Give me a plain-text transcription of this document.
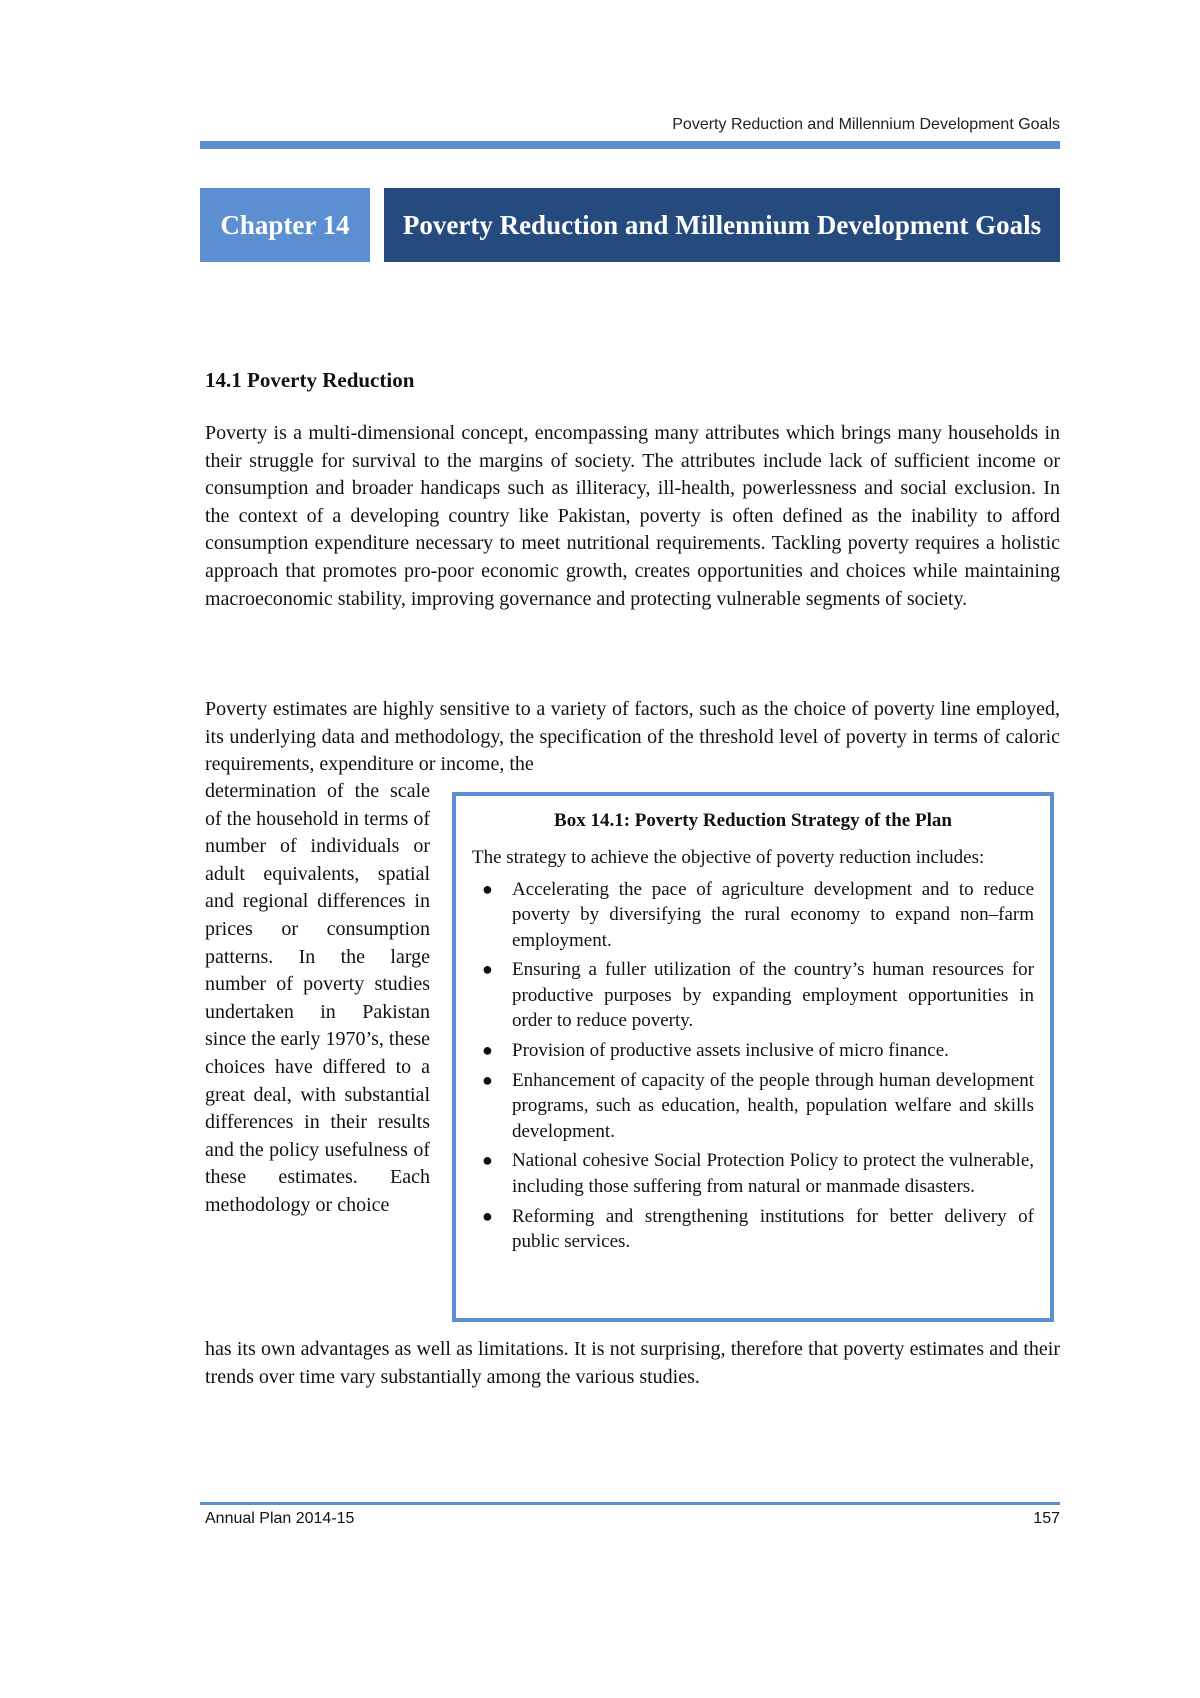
Poverty Reduction and Millennium Development Goals
Chapter 14	Poverty Reduction and Millennium Development Goals
14.1 Poverty Reduction

Poverty is a multi-dimensional concept, encompassing many attributes which brings many households in their struggle for survival to the margins of society. The attributes include lack of sufficient income or consumption and broader handicaps such as illiteracy, ill-health, powerlessness and social exclusion. In the context of a developing country like Pakistan, poverty is often defined as the inability to afford consumption expenditure necessary to meet nutritional requirements. Tackling poverty requires a holistic approach that promotes pro-poor economic growth, creates opportunities and choices while maintaining macroeconomic stability, improving governance and protecting vulnerable segments of society.

Poverty estimates are highly sensitive to a variety of factors, such as the choice of poverty line employed, its underlying data and methodology, the specification of the threshold level of poverty in terms of caloric requirements, expenditure or income, the

determination of the scale of the household in terms of number of individuals or adult equivalents, spatial and regional differences in prices or consumption patterns. In the large number of poverty studies undertaken in Pakistan since the early 1970’s, these choices have differed to a great deal, with substantial differences in their results and the policy usefulness of these estimates. Each methodology or choice

has its own advantages as well as limitations. It is not surprising, therefore that poverty estimates and their trends over time vary substantially among the various studies.

Box 14.1: Poverty Reduction Strategy of the Plan
The strategy to achieve the objective of poverty reduction includes:
● Accelerating the pace of agriculture development and to reduce poverty by diversifying the rural economy to expand non–farm employment.
● Ensuring a fuller utilization of the country’s human resources for productive purposes by expanding employment opportunities in order to reduce poverty.
● Provision of productive assets inclusive of micro finance.
● Enhancement of capacity of the people through human development programs, such as education, health, population welfare and skills development.
● National cohesive Social Protection Policy to protect the vulnerable, including those suffering from natural or manmade disasters.
● Reforming and strengthening institutions for better delivery of public services.
Annual Plan 2014-15	157
